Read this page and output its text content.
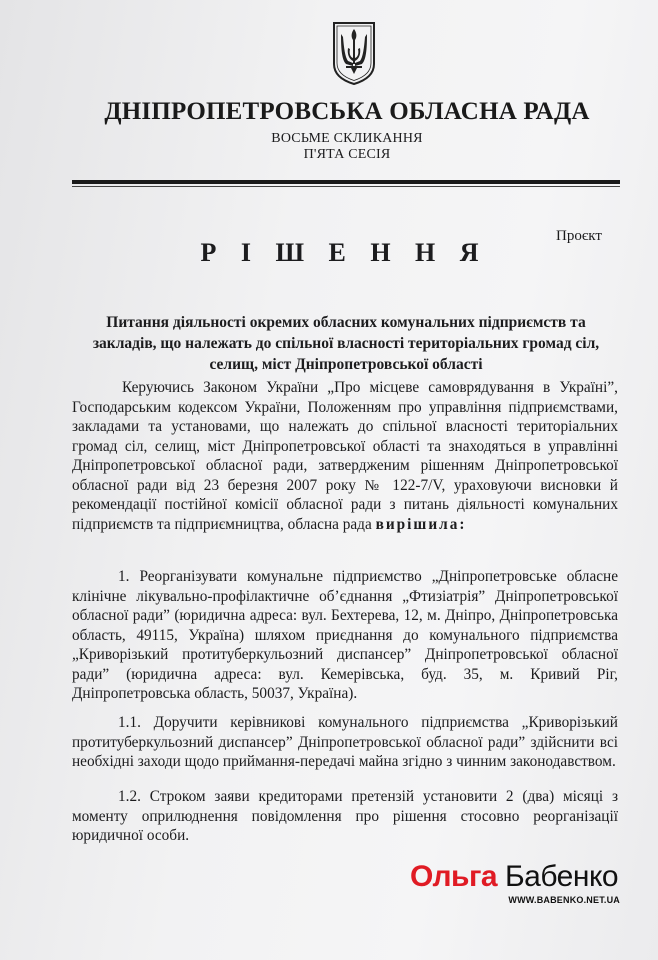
ДНІПРОПЕТРОВСЬКА ОБЛАСНА РАДА
ВОСЬМЕ СКЛИКАННЯ
П'ЯТА СЕСІЯ
Проєкт
Р І Ш Е Н Н Я
Питання діяльності окремих обласних комунальних підприємств та закладів, що належать до спільної власності територіальних громад сіл, селищ, міст Дніпропетровської області
Керуючись Законом України „Про місцеве самоврядування в Україні”, Господарським кодексом України, Положенням про управління підприємствами, закладами та установами, що належать до спільної власності територіальних громад сіл, селищ, міст Дніпропетровської області та знаходяться в управлінні Дніпропетровської обласної ради, затвердженим рішенням Дніпропетровської обласної ради від 23 березня 2007 року № 122-7/V, ураховуючи висновки й рекомендації постійної комісії обласної ради з питань діяльності комунальних підприємств та підприємництва, обласна рада вирішила:
1. Реорганізувати комунальне підприємство „Дніпропетровське обласне клінічне лікувально-профілактичне об’єднання „Фтизіатрія” Дніпропетровської обласної ради” (юридична адреса: вул. Бехтерева, 12, м. Дніпро, Дніпропетровська область, 49115, Україна) шляхом приєднання до комунального підприємства „Криворізький протитуберкульозний диспансер” Дніпропетровської обласної ради” (юридична адреса: вул. Кемерівська, буд. 35, м. Кривий Ріг, Дніпропетровська область, 50037, Україна).
1.1. Доручити керівникові комунального підприємства „Криворізький протитуберкульозний диспансер” Дніпропетровської обласної ради” здійснити всі необхідні заходи щодо приймання-передачі майна згідно з чинним законодавством.
1.2. Строком заяви кредиторами претензій установити 2 (два) місяці з моменту оприлюднення повідомлення про рішення стосовно реорганізації юридичної особи.
Ольга Бабенко
WWW.BABENKO.NET.UA
